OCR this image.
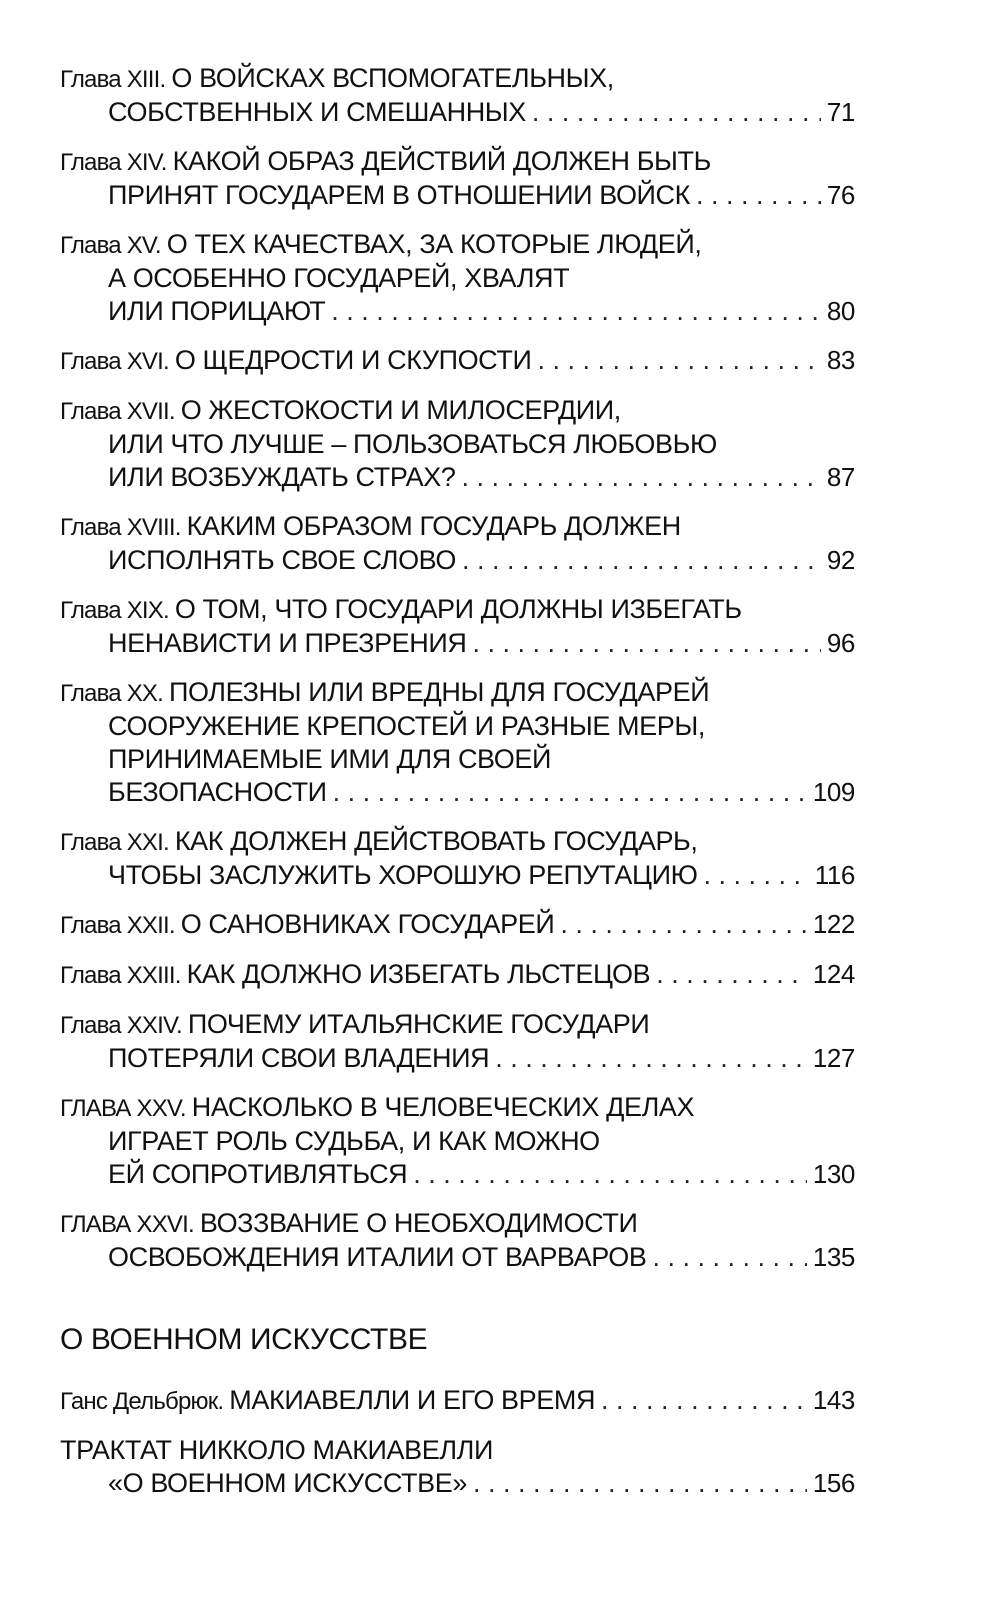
Глава XIII. О ВОЙСКАХ ВСПОМОГАТЕЛЬНЫХ,
СОБСТВЕННЫХ И СМЕШАННЫХ . . .	71
Глава XIV. КАКОЙ ОБРАЗ ДЕЙСТВИЙ ДОЛЖЕН БЫТЬ
ПРИНЯТ ГОСУДАРЕМ В ОТНОШЕНИИ ВОЙСК . . .	76
Глава XV. О ТЕХ КАЧЕСТВАХ, ЗА КОТОРЫЕ ЛЮДЕЙ,
А ОСОБЕННО ГОСУДАРЕЙ, ХВАЛЯТ
ИЛИ ПОРИЦАЮТ . . .	80
Глава XVI. О ЩЕДРОСТИ И СКУПОСТИ . . .	83
Глава XVII. О ЖЕСТОКОСТИ И МИЛОСЕРДИИ,
ИЛИ ЧТО ЛУЧШЕ – ПОЛЬЗОВАТЬСЯ ЛЮБОВЬЮ
ИЛИ ВОЗБУЖДАТЬ СТРАХ? . . .	87
Глава XVIII. КАКИМ ОБРАЗОМ ГОСУДАРЬ ДОЛЖЕН
ИСПОЛНЯТЬ СВОЕ СЛОВО . . .	92
Глава XIX. О ТОМ, ЧТО ГОСУДАРИ ДОЛЖНЫ ИЗБЕГАТЬ
НЕНАВИСТИ И ПРЕЗРЕНИЯ . . .	96
Глава XX. ПОЛЕЗНЫ ИЛИ ВРЕДНЫ ДЛЯ ГОСУДАРЕЙ
СООРУЖЕНИЕ КРЕПОСТЕЙ И РАЗНЫЕ МЕРЫ,
ПРИНИМАЕМЫЕ ИМИ ДЛЯ СВОЕЙ
БЕЗОПАСНОСТИ . . .	109
Глава XXI. КАК ДОЛЖЕН ДЕЙСТВОВАТЬ ГОСУДАРЬ,
ЧТОБЫ ЗАСЛУЖИТЬ ХОРОШУЮ РЕПУТАЦИЮ . . .	116
Глава XXII. О САНОВНИКАХ ГОСУДАРЕЙ . . .	122
Глава XXIII. КАК ДОЛЖНО ИЗБЕГАТЬ ЛЬСТЕЦОВ . . .	124
Глава XXIV. ПОЧЕМУ ИТАЛЬЯНСКИЕ ГОСУДАРИ
ПОТЕРЯЛИ СВОИ ВЛАДЕНИЯ . . .	127
ГЛАВА XXV. НАСКОЛЬКО В ЧЕЛОВЕЧЕСКИХ ДЕЛАХ
ИГРАЕТ РОЛЬ СУДЬБА, И КАК МОЖНО
ЕЙ СОПРОТИВЛЯТЬСЯ . . .	130
ГЛАВА XXVI. ВОЗЗВАНИЕ О НЕОБХОДИМОСТИ
ОСВОБОЖДЕНИЯ ИТАЛИИ ОТ ВАРВАРОВ . . .	135
О ВОЕННОМ ИСКУССТВЕ
Ганс Дельбрюк. МАКИАВЕЛЛИ И ЕГО ВРЕМЯ . . .	143
ТРАКТАТ НИККОЛО МАКИАВЕЛЛИ
«О ВОЕННОМ ИСКУССТВЕ» . . .	156
